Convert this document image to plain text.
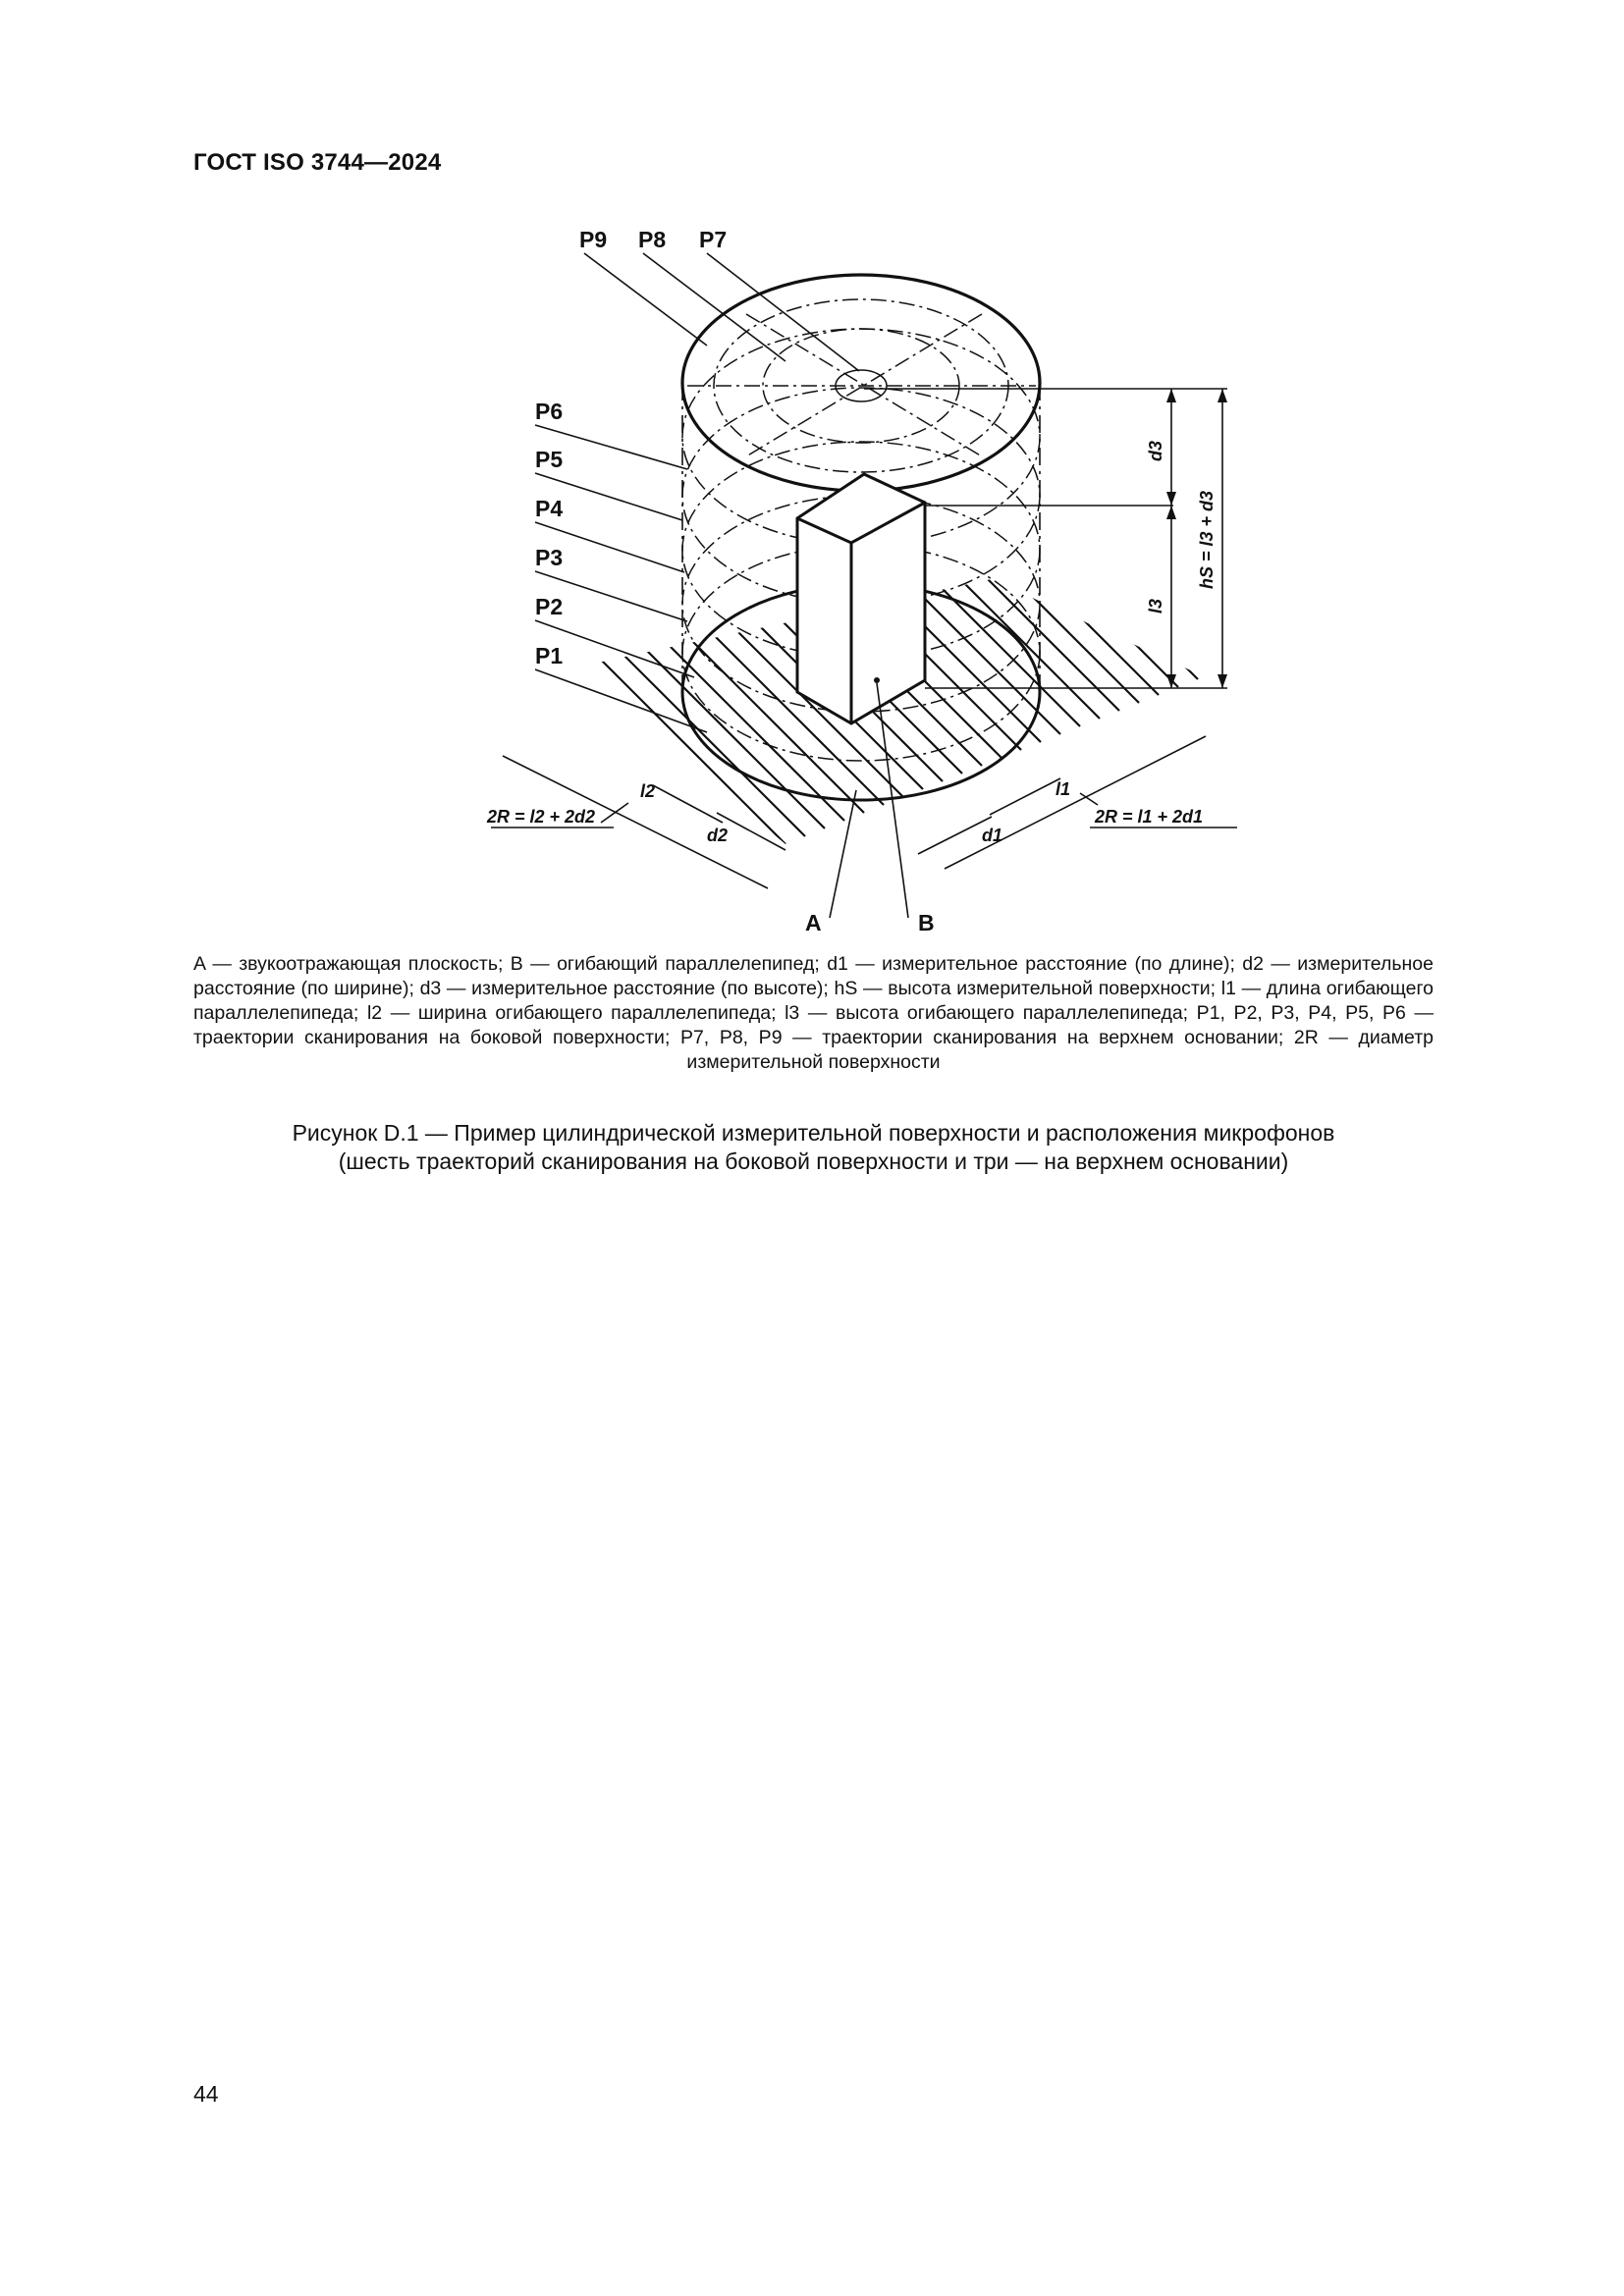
ГОСТ ISO 3744—2024
P9 P8 P7
P6
P5
P4
P3
P2
P1
A	B
d3
l3
hS = l3 + d3
l2
d2
l1
d1
2R = l2 + 2d2	2R = l1 + 2d1
A — звукоотражающая плоскость; B — огибающий параллелепипед; d1 — измерительное расстояние (по длине); d2 — измерительное расстояние (по ширине); d3 — измерительное расстояние (по высоте); hS — высота измерительной поверхности; l1 — длина огибающего параллелепипеда; l2 — ширина огибающего параллелепипеда; l3 — высота огибающего параллелепипеда; P1, P2, P3, P4, P5, P6 — траектории сканирования на боковой поверхности; P7, P8, P9 — траектории сканирования на верхнем основании; 2R — диаметр измерительной поверхности
Рисунок D.1 — Пример цилиндрической измерительной поверхности и расположения микрофонов
(шесть траекторий сканирования на боковой поверхности и три — на верхнем основании)
44
